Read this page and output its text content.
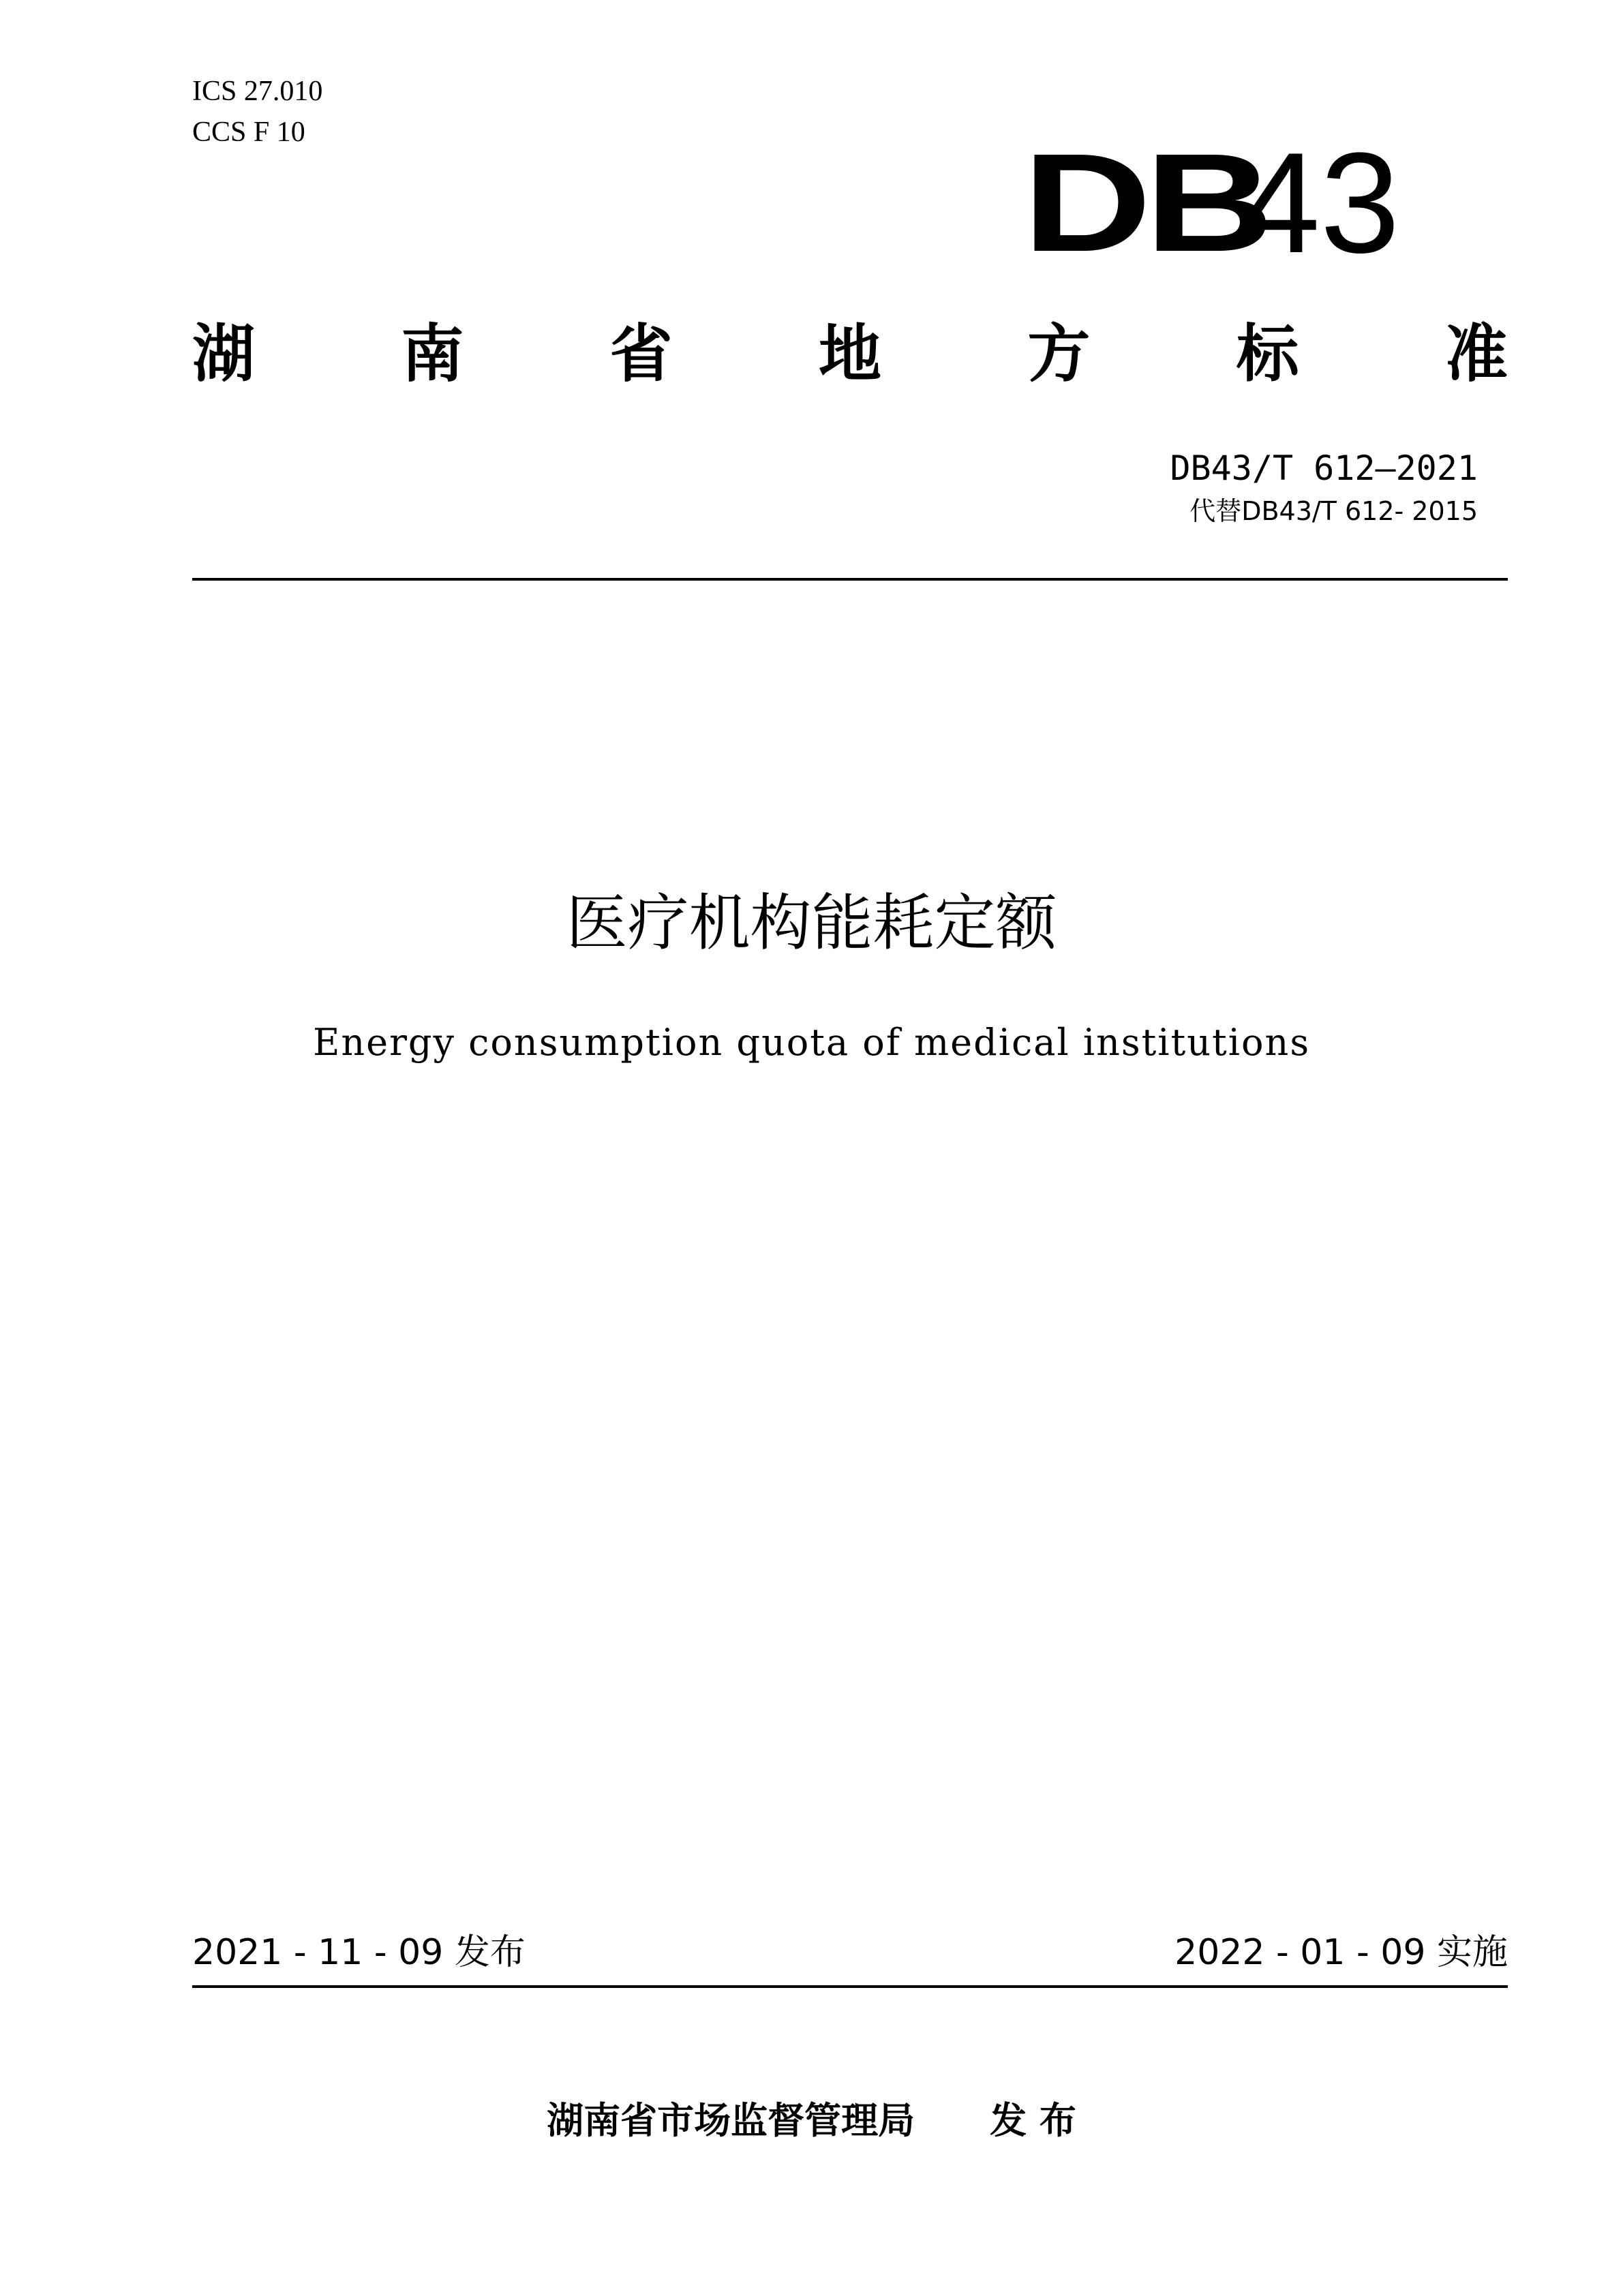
ICS 27.010
CCS F 10	DB
43
湖 南 省 地 方 标 准
DB43/T 612—2021
代替DB43/T 612- 2015
医疗机构能耗定额
Energy consumption quota of medical institutions
2021 - 11 - 09 发布	2022 - 01 - 09 实施
湖南省市场监督管理局 发 布
